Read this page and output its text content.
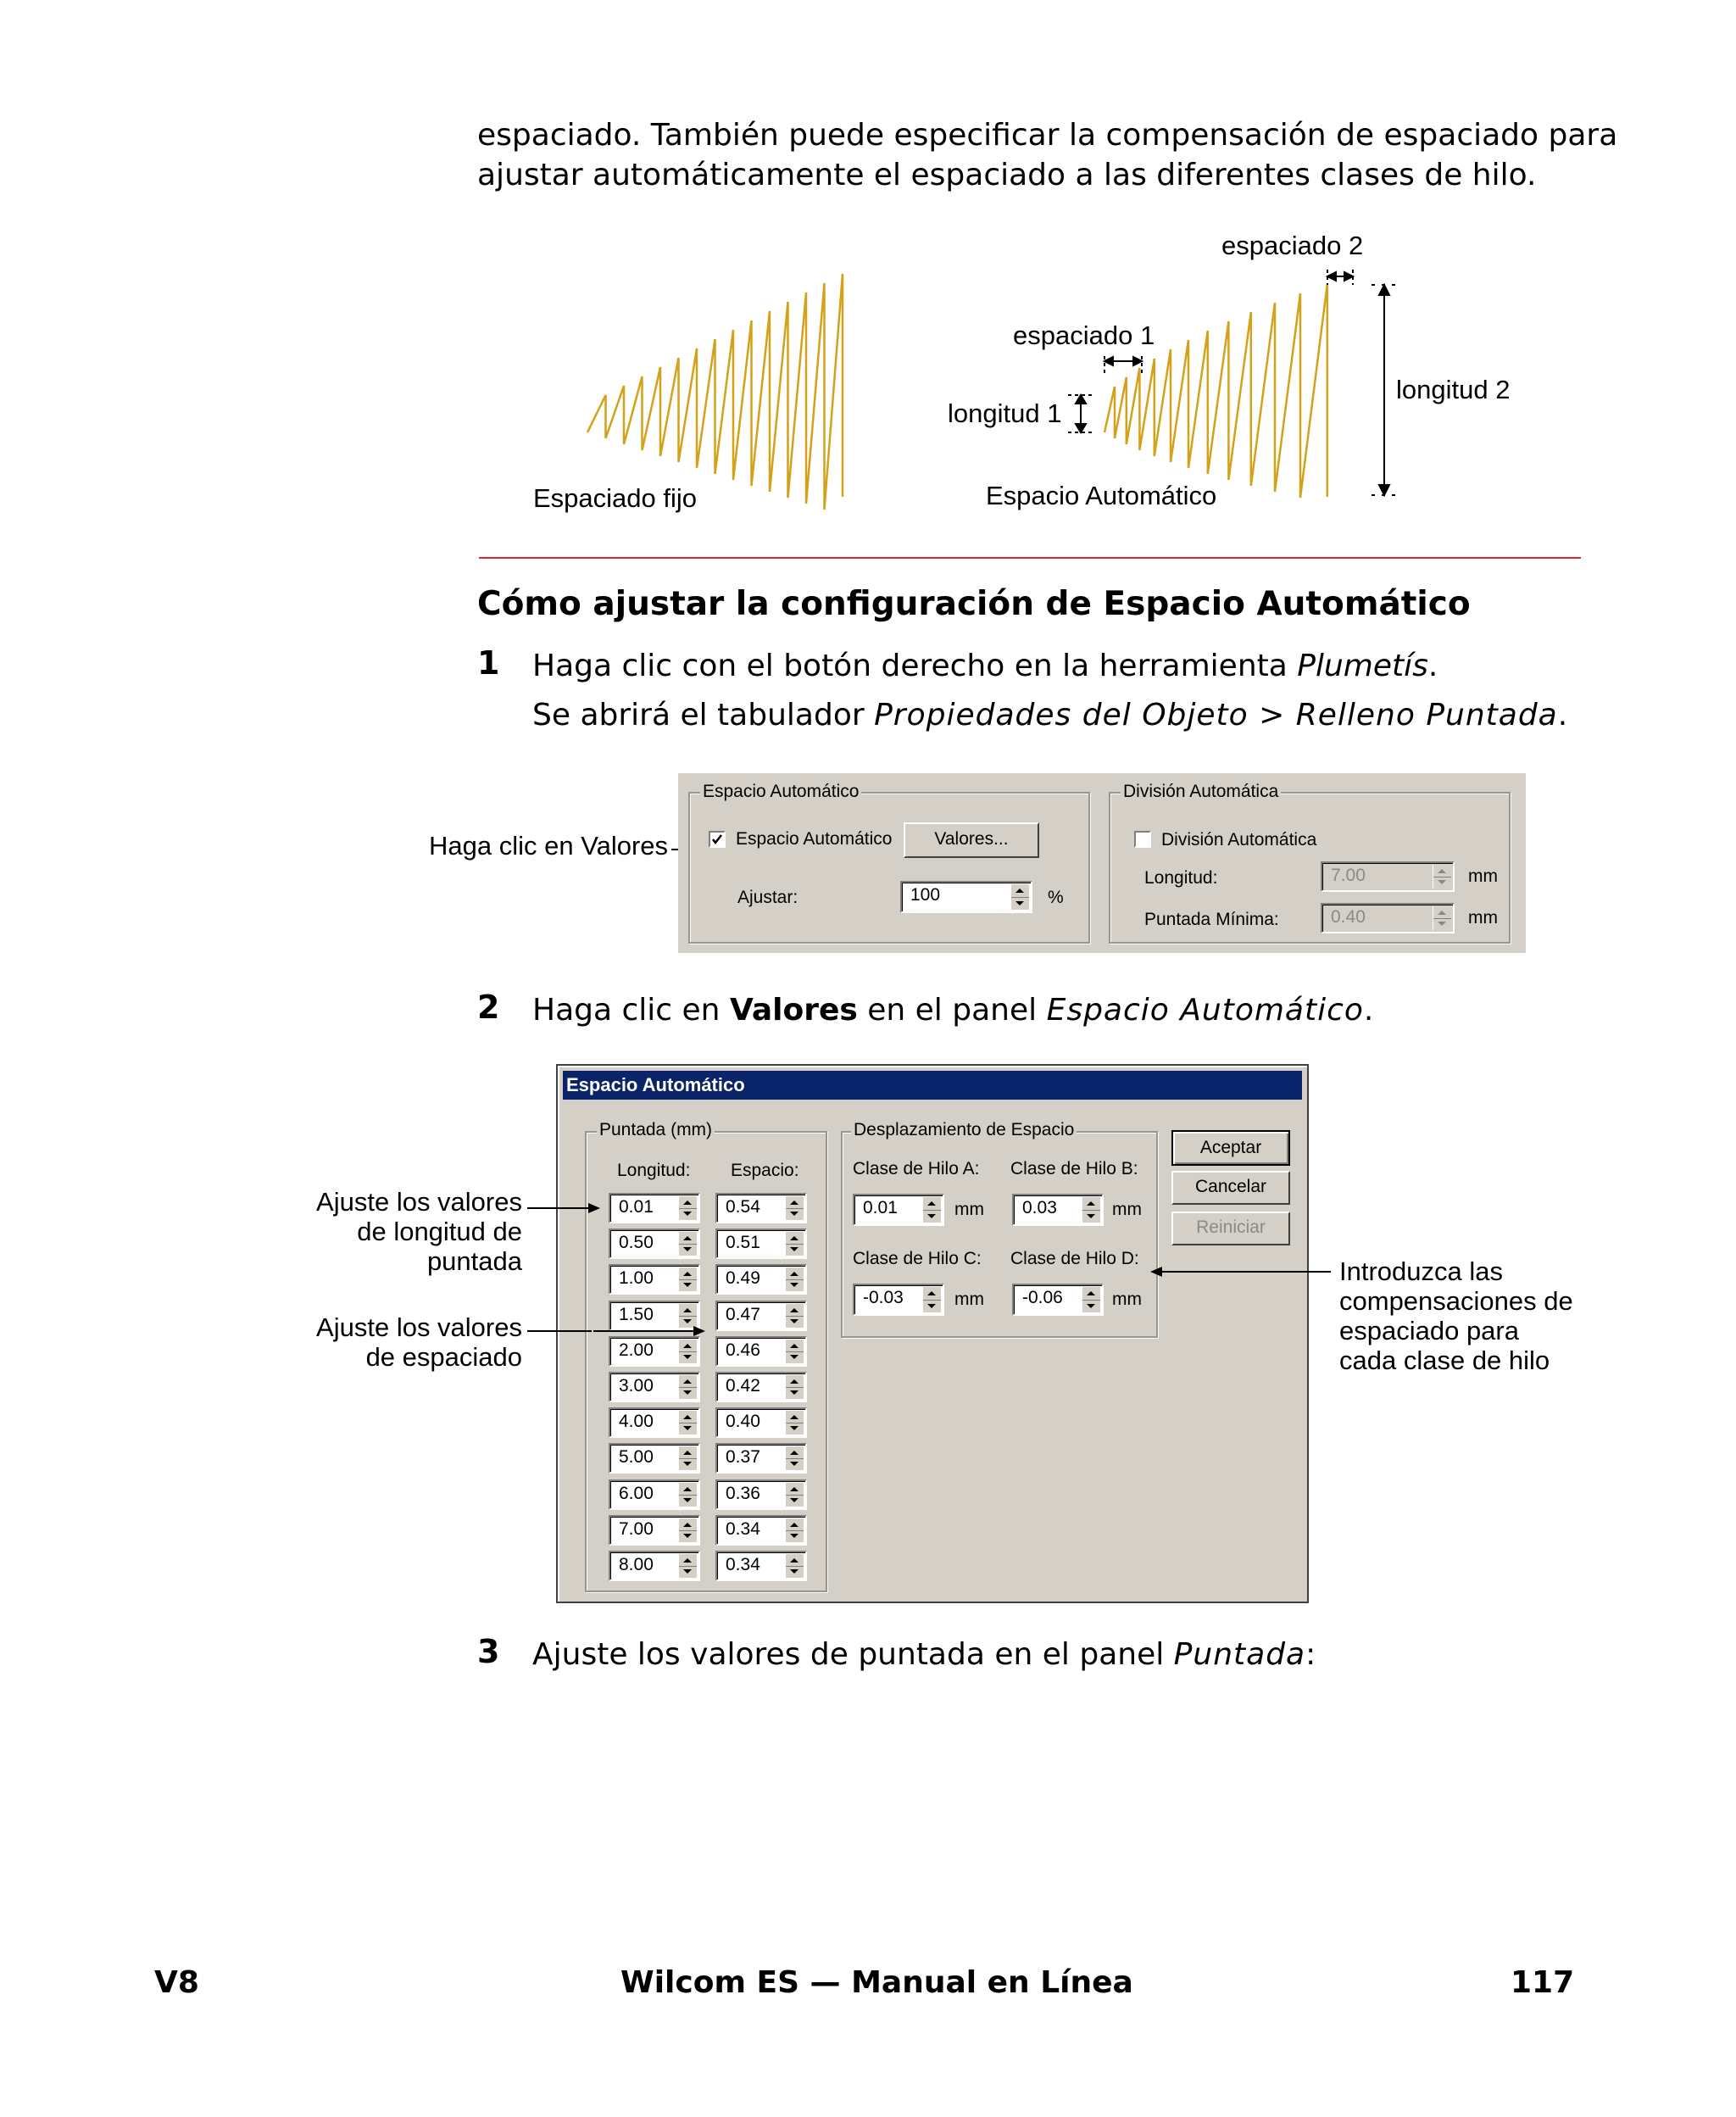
espaciado. También puede especificar la compensación de espaciado para
ajustar automáticamente el espaciado a las diferentes clases de hilo.
espaciado 2
espaciado 1
longitud 2
longitud 1
Espaciado fijo	Espacio Automático
Cómo ajustar la configuración de Espacio Automático
1 Haga clic con el botón derecho en la herramienta Plumetís.
Se abrirá el tabulador Propiedades del Objeto > Relleno Puntada.
Haga clic en Valores
Espacio Automático
Espacio Automático	Valores...
Ajustar:	100	%
División Automática
División Automática
Longitud:	7.00	mm
Puntada Mínima:	0.40	mm
2 Haga clic en Valores en el panel Espacio Automático.
Espacio Automático
Puntada (mm)
Longitud: Espacio:
0.01	0.54
0.50	0.51
1.00	0.49
1.50	0.47
2.00	0.46
3.00	0.42
4.00	0.40
5.00	0.37
6.00	0.36
7.00	0.34
8.00	0.34
Desplazamiento de Espacio
Clase de Hilo A: Clase de Hilo B:
0.01	mm 0.03	mm
Clase de Hilo C: Clase de Hilo D:
-0.03	mm -0.06	mm
Aceptar
Cancelar
Reiniciar
Ajuste los valores
de longitud de
puntada
Ajuste los valores
de espaciado
Introduzca las
compensaciones de
espaciado para
cada clase de hilo
3 Ajuste los valores de puntada en el panel Puntada:
V8	Wilcom ES — Manual en Línea	117
